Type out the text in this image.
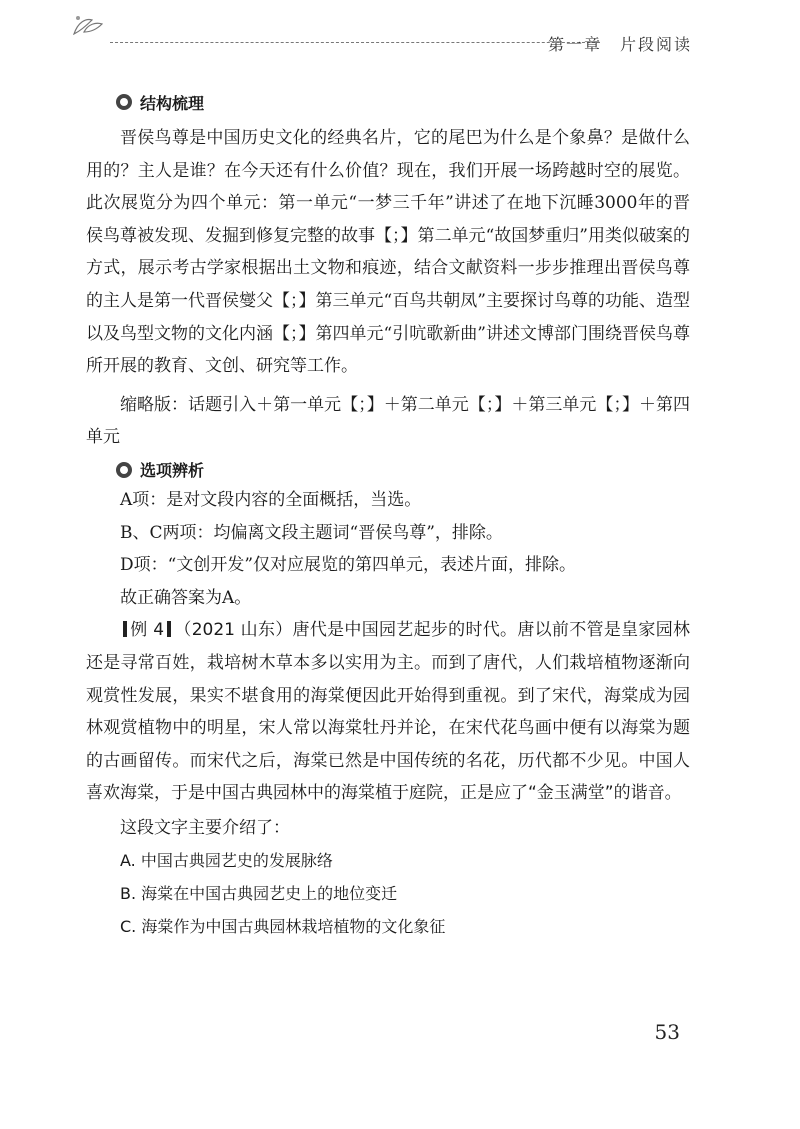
第一章　片段阅读
结构梳理

晋侯鸟尊是中国历史文化的经典名片，它的尾巴为什么是个象鼻？是做什么用的？主人是谁？在今天还有什么价值？现在，我们开展一场跨越时空的展览。此次展览分为四个单元：第一单元“一梦三千年”讲述了在地下沉睡3000年的晋侯鸟尊被发现、发掘到修复完整的故事【；】第二单元“故国梦重归”用类似破案的方式，展示考古学家根据出土文物和痕迹，结合文献资料一步步推理出晋侯鸟尊的主人是第一代晋侯燮父【；】第三单元“百鸟共朝凤”主要探讨鸟尊的功能、造型以及鸟型文物的文化内涵【；】第四单元“引吭歌新曲”讲述文博部门围绕晋侯鸟尊所开展的教育、文创、研究等工作。

缩略版：话题引入＋第一单元【；】＋第二单元【；】＋第三单元【；】＋第四单元

选项辨析

A项：是对文段内容的全面概括，当选。

B、C两项：均偏离文段主题词“晋侯鸟尊”，排除。

D项：“文创开发”仅对应展览的第四单元，表述片面，排除。

故正确答案为A。

例 4 （2021 山东）唐代是中国园艺起步的时代。唐以前不管是皇家园林还是寻常百姓，栽培树木草本多以实用为主。而到了唐代，人们栽培植物逐渐向观赏性发展，果实不堪食用的海棠便因此开始得到重视。到了宋代，海棠成为园林观赏植物中的明星，宋人常以海棠牡丹并论，在宋代花鸟画中便有以海棠为题的古画留传。而宋代之后，海棠已然是中国传统的名花，历代都不少见。中国人喜欢海棠，于是中国古典园林中的海棠植于庭院，正是应了“金玉满堂”的谐音。

这段文字主要介绍了：

A. 中国古典园艺史的发展脉络

B. 海棠在中国古典园艺史上的地位变迁

C. 海棠作为中国古典园林栽培植物的文化象征

53
